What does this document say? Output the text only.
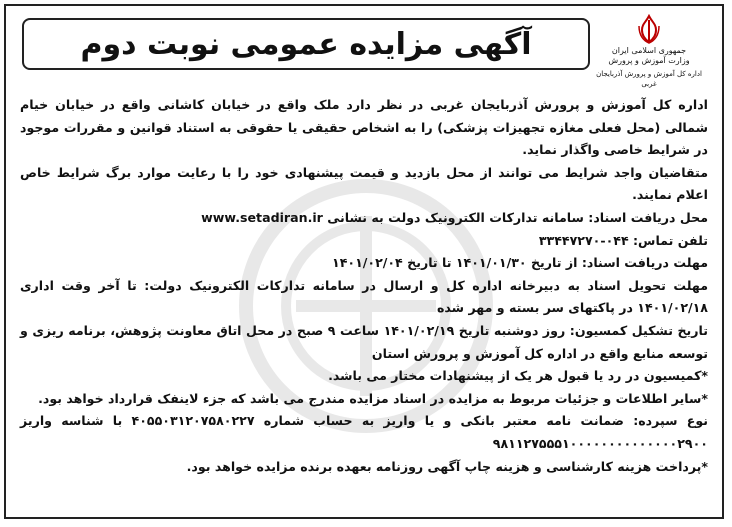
آگهی مزایده عمومی نوبت دوم	جمهوری اسلامی ایران
وزارت آموزش و پرورش
اداره کل آموزش و پرورش آذربایجان غربی

اداره کل آموزش و پرورش آذربایجان غربی در نظر دارد ملک واقع در خیابان کاشانی واقع در خیابان خیام شمالی (محل فعلی مغازه تجهیزات پزشکی) را به اشخاص حقیقی یا حقوقی به استناد قوانین و مقررات موجود در شرایط خاصی واگذار نماید.

متقاضیان واجد شرایط می توانند از محل بازدید و قیمت پیشنهادی خود را با رعایت موارد برگ شرایط خاص اعلام نمایند.

محل دریافت اسناد: سامانه تدارکات الکترونیک دولت به نشانی www.setadiran.ir

تلفن تماس: ۰۴۴-۳۳۴۴۷۲۷۰

مهلت دریافت اسناد: از تاریخ ۱۴۰۱/۰۱/۳۰ تا تاریخ ۱۴۰۱/۰۲/۰۴

مهلت تحویل اسناد به دبیرخانه اداره کل و ارسال در سامانه تدارکات الکترونیک دولت: تا آخر وقت اداری ۱۴۰۱/۰۲/۱۸ در پاکتهای سر بسته و مهر شده

تاریخ تشکیل کمسیون: روز دوشنبه تاریخ ۱۴۰۱/۰۲/۱۹ ساعت ۹ صبح در محل اتاق معاونت پژوهش، برنامه ریزی و توسعه منابع واقع در اداره کل آموزش و پرورش استان

*کمیسیون در رد یا قبول هر یک از پیشنهادات مختار می باشد.

*سایر اطلاعات و جزئیات مربوط به مزایده در اسناد مزایده مندرج می باشد که جزء لاینفک قرارداد خواهد بود.

نوع سپرده: ضمانت نامه معتبر بانکی و یا واریز به حساب شماره ۴۰۵۵۰۳۱۲۰۷۵۸۰۲۲۷ با شناسه واریز ۹۸۱۱۲۷۵۵۵۱۰۰۰۰۰۰۰۰۰۰۰۰۰۰۲۹۰۰

*پرداخت هزینه کارشناسی و هزینه چاپ آگهی روزنامه بعهده برنده مزایده خواهد بود.
